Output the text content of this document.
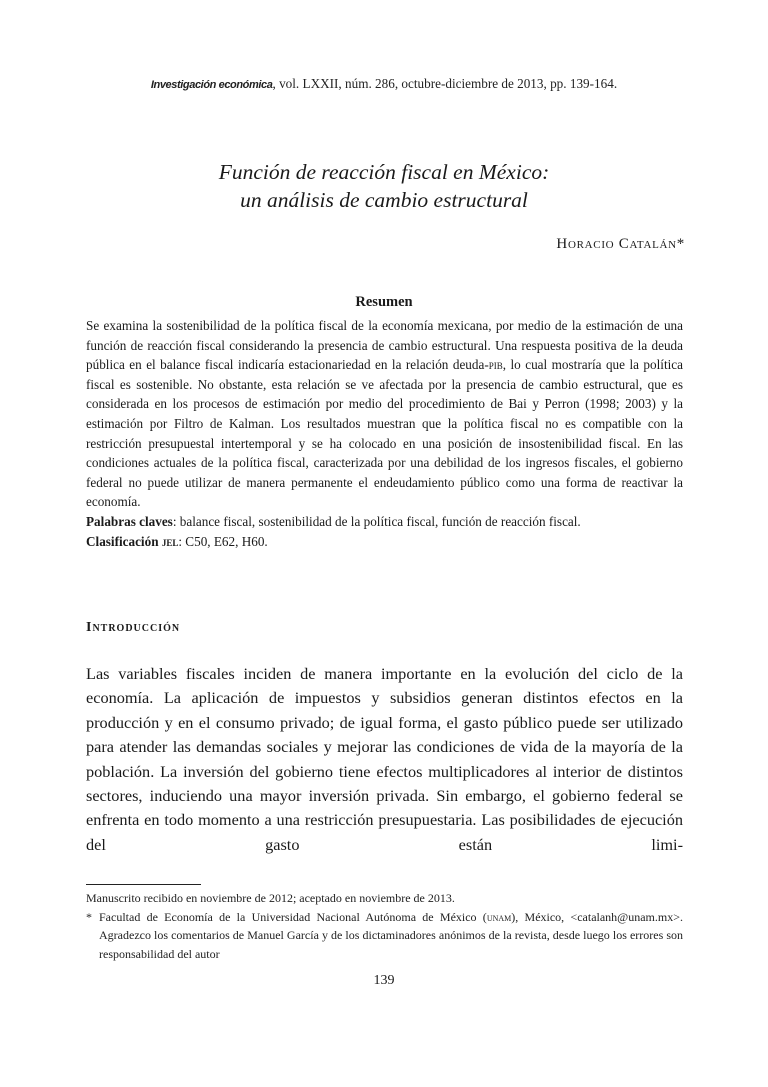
Investigación económica, vol. LXXII, núm. 286, octubre-diciembre de 2013, pp. 139-164.
Función de reacción fiscal en México:
un análisis de cambio estructural
Horacio Catalán*
Resumen

Se examina la sostenibilidad de la política fiscal de la economía mexicana, por medio de la estimación de una función de reacción fiscal considerando la presencia de cambio estructural. Una respuesta positiva de la deuda pública en el balance fiscal indicaría estacionariedad en la relación deuda-pib, lo cual mostraría que la política fiscal es sostenible. No obstante, esta relación se ve afectada por la presencia de cambio estructural, que es considerada en los procesos de estimación por medio del procedimiento de Bai y Perron (1998; 2003) y la estimación por Filtro de Kalman. Los resultados muestran que la política fiscal no es compatible con la restricción presupuestal intertemporal y se ha colocado en una posición de insostenibilidad fiscal. En las condiciones actuales de la política fiscal, caracterizada por una debilidad de los ingresos fiscales, el gobierno federal no puede utilizar de manera permanente el endeudamiento público como una forma de reactivar la economía.

Palabras claves: balance fiscal, sostenibilidad de la política fiscal, función de reacción fiscal.

Clasificación jel: C50, E62, H60.

Introducción

Las variables fiscales inciden de manera importante en la evolución del ciclo de la economía. La aplicación de impuestos y subsidios generan distintos efectos en la producción y en el consumo privado; de igual forma, el gasto público puede ser utilizado para atender las demandas sociales y mejorar las condiciones de vida de la mayoría de la población. La inversión del gobierno tiene efectos multiplicadores al interior de distintos sectores, induciendo una mayor inversión privada. Sin embargo, el gobierno federal se enfrenta en todo momento a una restricción presupuestaria. Las posibilidades de ejecución del gasto están limi-

Manuscrito recibido en noviembre de 2012; aceptado en noviembre de 2013.

* Facultad de Economía de la Universidad Nacional Autónoma de México (unam), México, <catalanh@unam.mx>. Agradezco los comentarios de Manuel García y de los dictaminadores anónimos de la revista, desde luego los errores son responsabilidad del autor
139
